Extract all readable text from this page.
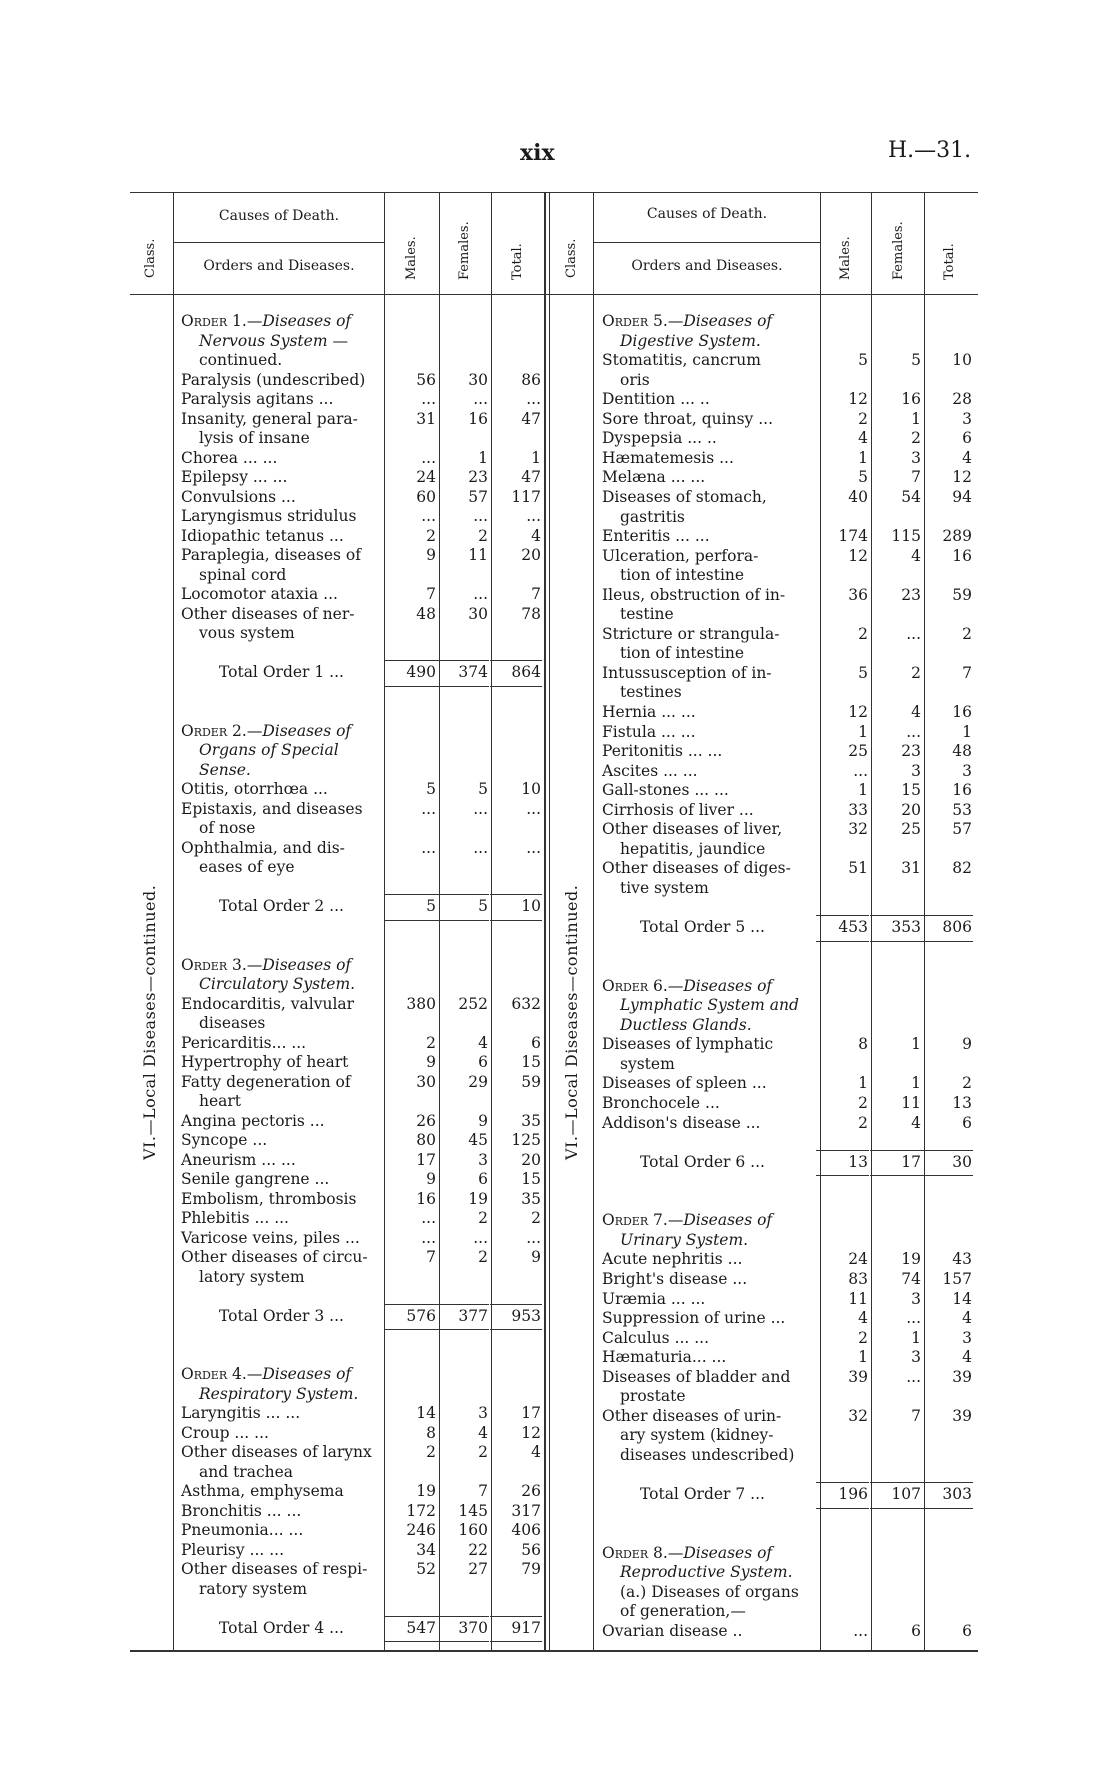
xix	H.—31.
Class.
Causes of Death.
Orders and Diseases.	Males.	Females.	Total.	Class.
Causes of Death.
Orders and Diseases.	Males.	Females.	Total.
VI.—Local Diseases—continued.	VI.—Local Diseases—continued.
Order 1.—Diseases of
Nervous System —
continued.
Paralysis (undescribed)	56	30	86
Paralysis agitans ...	...	...	...
Insanity, general para-	31	16	47
lysis of insane
Chorea ... ...	...	1	1
Epilepsy ... ...	24	23	47
Convulsions ...	60	57	117
Laryngismus stridulus	...	...	...
Idiopathic tetanus ...	2	2	4
Paraplegia, diseases of	9	11	20
spinal cord
Locomotor ataxia ...	7	...	7
Other diseases of ner-	48	30	78
vous system
Total Order 1 ...	490	374	864
Order 2.—Diseases of
Organs of Special
Sense.
Otitis, otorrhœa ...	5	5	10
Epistaxis, and diseases	...	...	...
of nose
Ophthalmia, and dis-	...	...	...
eases of eye
Total Order 2 ...	5	5	10
Order 3.—Diseases of
Circulatory System.
Endocarditis, valvular	380	252	632
diseases
Pericarditis... ...	2	4	6
Hypertrophy of heart	9	6	15
Fatty degeneration of	30	29	59
heart
Angina pectoris ...	26	9	35
Syncope ...	80	45	125
Aneurism ... ...	17	3	20
Senile gangrene ...	9	6	15
Embolism, thrombosis	16	19	35
Phlebitis ... ...	...	2	2
Varicose veins, piles ...	...	...	...
Other diseases of circu-	7	2	9
latory system
Total Order 3 ...	576	377	953
Order 4.—Diseases of
Respiratory System.
Laryngitis ... ...	14	3	17
Croup ... ...	8	4	12
Other diseases of larynx	2	2	4
and trachea
Asthma, emphysema	19	7	26
Bronchitis ... ...	172	145	317
Pneumonia... ...	246	160	406
Pleurisy ... ...	34	22	56
Other diseases of respi-	52	27	79
ratory system
Total Order 4 ...	547	370	917
Order 5.—Diseases of
Digestive System.
Stomatitis, cancrum	5	5	10
oris
Dentition ... ..	12	16	28
Sore throat, quinsy ...	2	1	3
Dyspepsia ... ..	4	2	6
Hæmatemesis ...	1	3	4
Melæna ... ...	5	7	12
Diseases of stomach,	40	54	94
gastritis
Enteritis ... ...	174	115	289
Ulceration, perfora-	12	4	16
tion of intestine
Ileus, obstruction of in-	36	23	59
testine
Stricture or strangula-	2	...	2
tion of intestine
Intussusception of in-	5	2	7
testines
Hernia ... ...	12	4	16
Fistula ... ...	1	...	1
Peritonitis ... ...	25	23	48
Ascites ... ...	...	3	3
Gall-stones ... ...	1	15	16
Cirrhosis of liver ...	33	20	53
Other diseases of liver,	32	25	57
hepatitis, jaundice
Other diseases of diges-	51	31	82
tive system
Total Order 5 ...	453	353	806
Order 6.—Diseases of
Lymphatic System and
Ductless Glands.
Diseases of lymphatic	8	1	9
system
Diseases of spleen ...	1	1	2
Bronchocele ...	2	11	13
Addison's disease ...	2	4	6
Total Order 6 ...	13	17	30
Order 7.—Diseases of
Urinary System.
Acute nephritis ...	24	19	43
Bright's disease ...	83	74	157
Uræmia ... ...	11	3	14
Suppression of urine ...	4	...	4
Calculus ... ...	2	1	3
Hæmaturia... ...	1	3	4
Diseases of bladder and	39	...	39
prostate
Other diseases of urin-	32	7	39
ary system (kidney-
diseases undescribed)
Total Order 7 ...	196	107	303
Order 8.—Diseases of
Reproductive System.
(a.) Diseases of organs
of generation,—
Ovarian disease ..	...	6	6
